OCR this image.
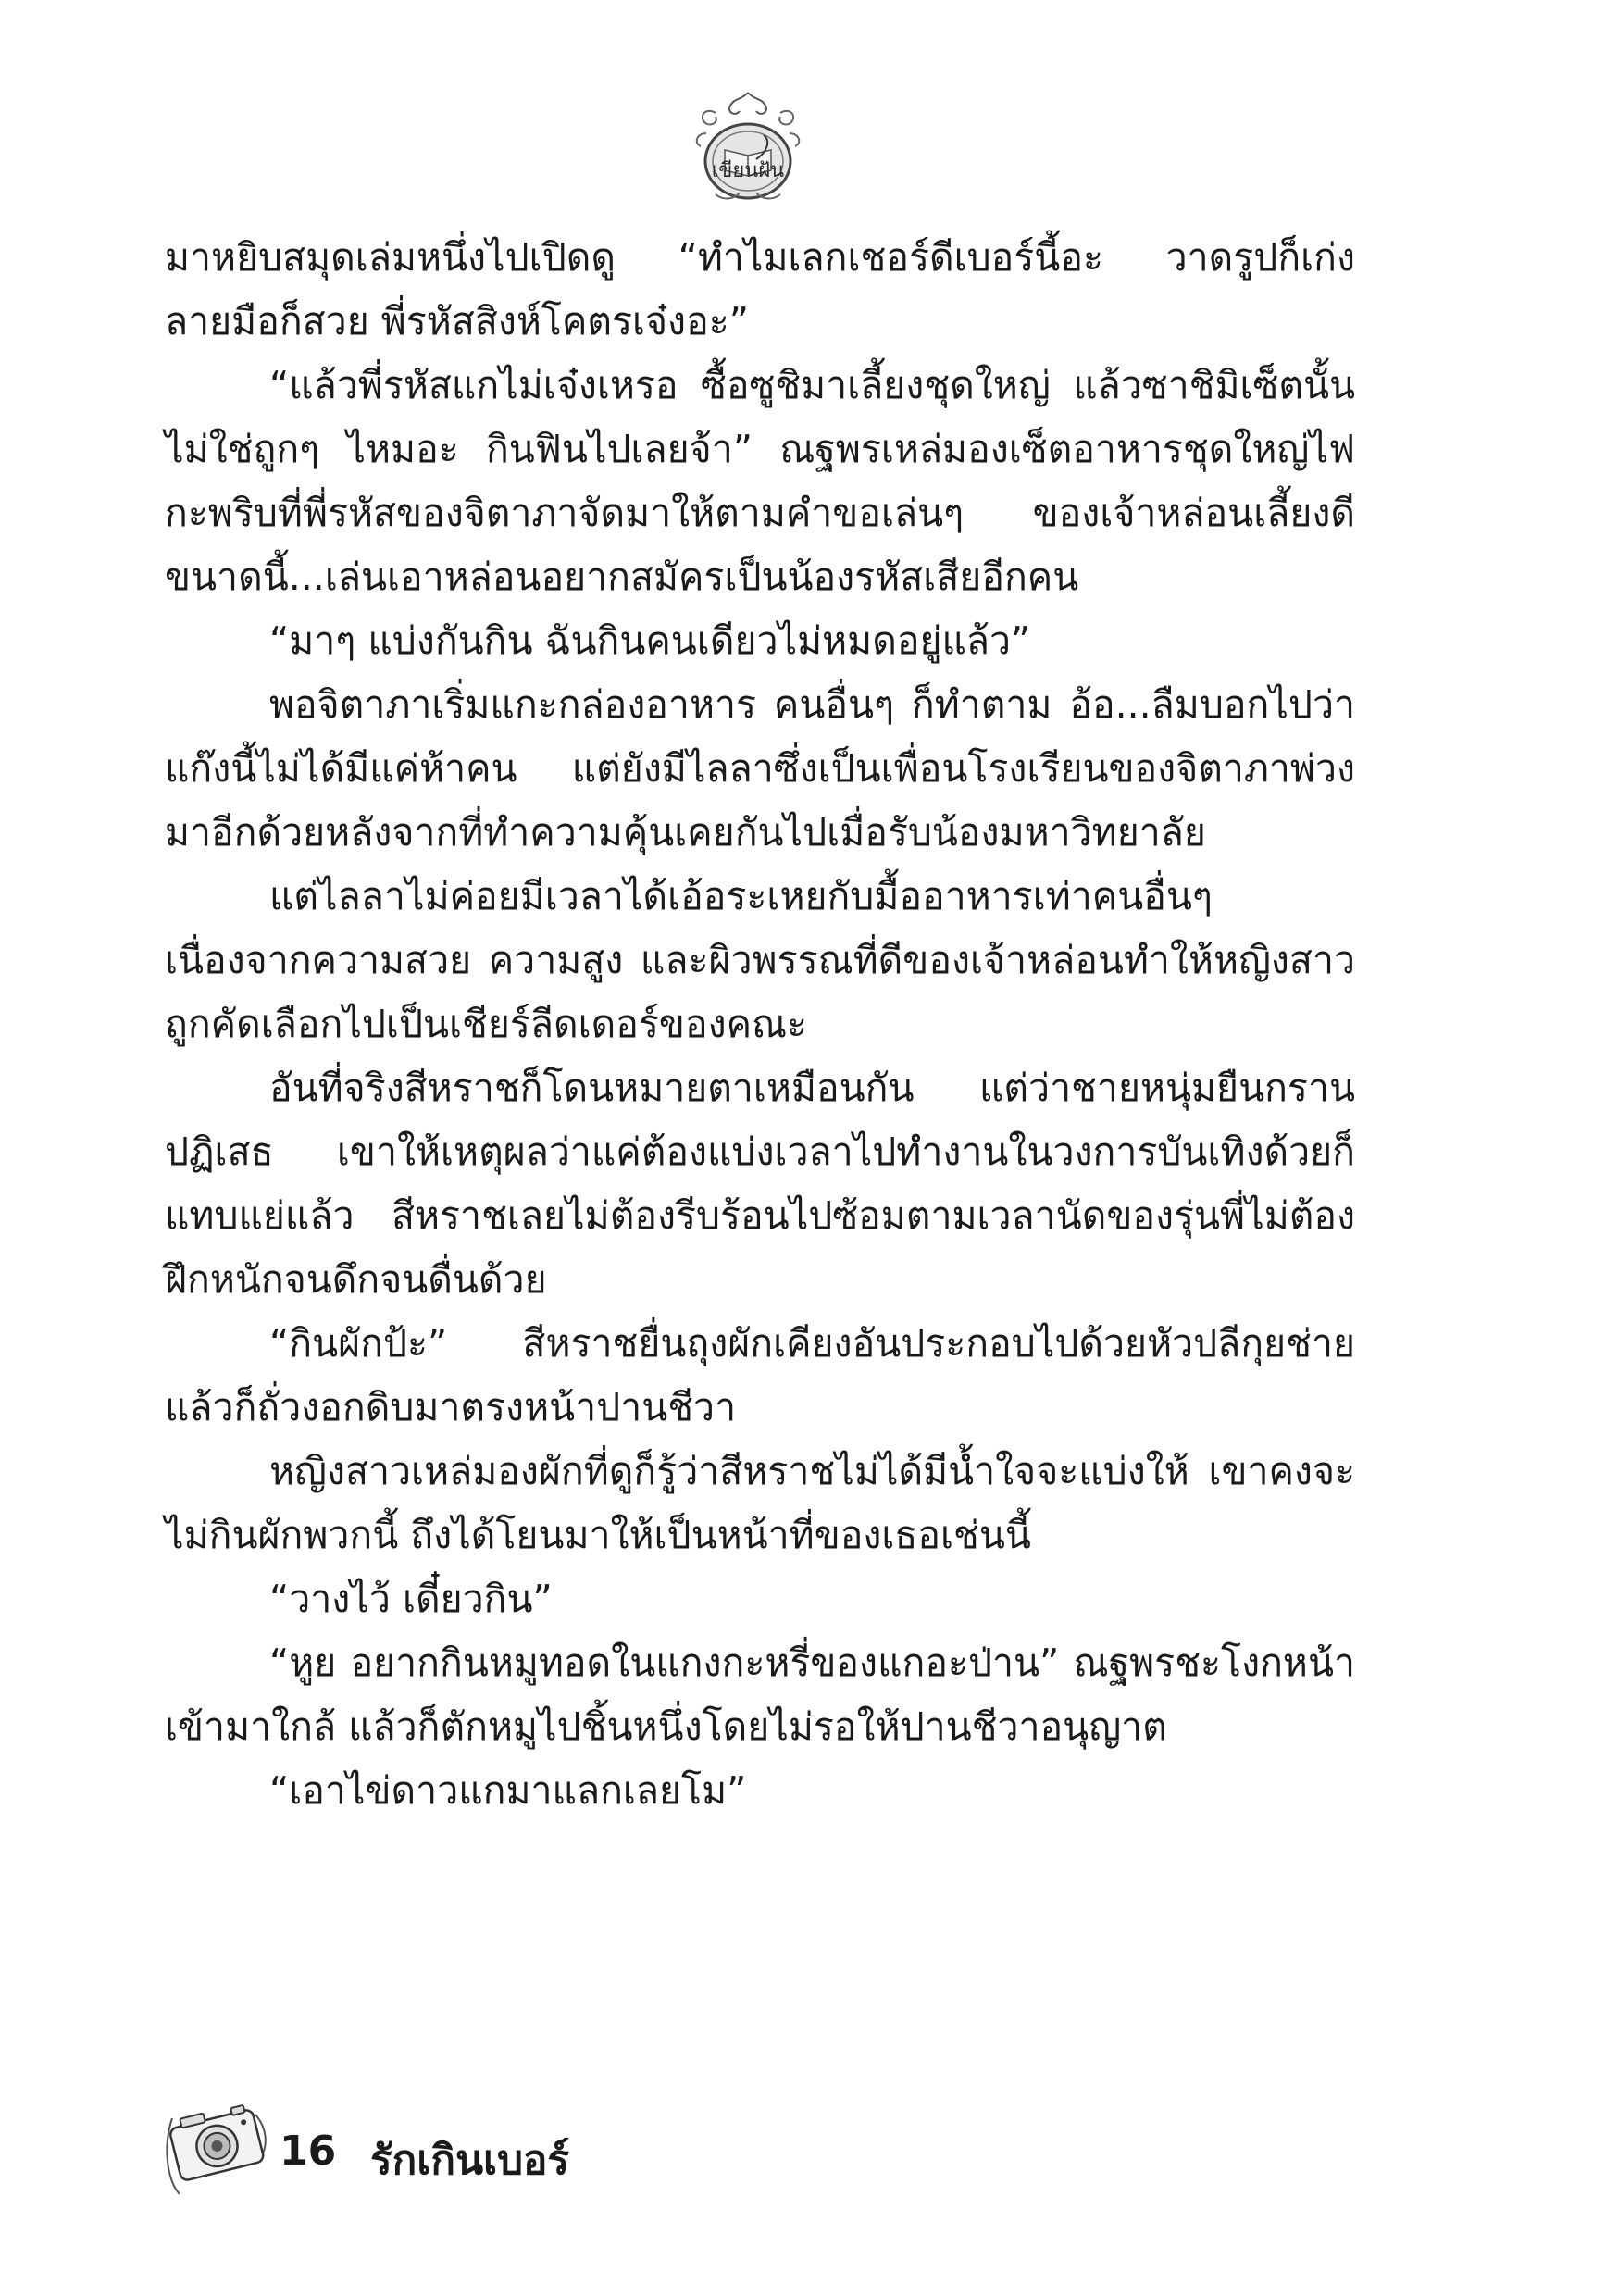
เขียนฝัน

มาหยิบสมุดเล่มหนึ่งไปเปิดดู “ทำไมเลกเชอร์ดีเบอร์นี้อะ วาดรูปก็เก่ง ลายมือก็สวย พี่รหัสสิงห์โคตรเจ๋งอะ”

“แล้วพี่รหัสแกไม่เจ๋งเหรอ ซื้อซูชิมาเลี้ยงชุดใหญ่ แล้วซาชิมิเซ็ตนั้นไม่ใช่ถูกๆ ไหมอะ กินฟินไปเลยจ้า” ณฐพรเหล่มองเซ็ตอาหารชุดใหญ่ไฟกะพริบที่พี่รหัสของจิตาภาจัดมาให้ตามคำขอเล่นๆ ของเจ้าหล่อนเลี้ยงดีขนาดนี้...เล่นเอาหล่อนอยากสมัครเป็นน้องรหัสเสียอีกคน

“มาๆ แบ่งกันกิน ฉันกินคนเดียวไม่หมดอยู่แล้ว”

พอจิตาภาเริ่มแกะกล่องอาหาร คนอื่นๆ ก็ทำตาม อ้อ...ลืมบอกไปว่าแก๊งนี้ไม่ได้มีแค่ห้าคน แต่ยังมีไลลาซึ่งเป็นเพื่อนโรงเรียนของจิตาภาพ่วงมาอีกด้วยหลังจากที่ทำความคุ้นเคยกันไปเมื่อรับน้องมหาวิทยาลัย

แต่ไลลาไม่ค่อยมีเวลาได้เอ้อระเหยกับมื้ออาหารเท่าคนอื่นๆ เนื่องจากความสวย ความสูง และผิวพรรณที่ดีของเจ้าหล่อนทำให้หญิงสาวถูกคัดเลือกไปเป็นเชียร์ลีดเดอร์ของคณะ

อันที่จริงสีหราชก็โดนหมายตาเหมือนกัน แต่ว่าชายหนุ่มยืนกรานปฏิเสธ เขาให้เหตุผลว่าแค่ต้องแบ่งเวลาไปทำงานในวงการบันเทิงด้วยก็แทบแย่แล้ว สีหราชเลยไม่ต้องรีบร้อนไปซ้อมตามเวลานัดของรุ่นพี่ไม่ต้องฝึกหนักจนดึกจนดื่นด้วย

“กินผักป้ะ” สีหราชยื่นถุงผักเคียงอันประกอบไปด้วยหัวปลีกุยช่าย แล้วก็ถั่วงอกดิบมาตรงหน้าปานชีวา

หญิงสาวเหล่มองผักที่ดูก็รู้ว่าสีหราชไม่ได้มีน้ำใจจะแบ่งให้ เขาคงจะไม่กินผักพวกนี้ ถึงได้โยนมาให้เป็นหน้าที่ของเธอเช่นนี้

“วางไว้ เดี๋ยวกิน”

“หูย อยากกินหมูทอดในแกงกะหรี่ของแกอะป่าน” ณฐพรชะโงกหน้าเข้ามาใกล้ แล้วก็ตักหมูไปชิ้นหนึ่งโดยไม่รอให้ปานชีวาอนุญาต

“เอาไข่ดาวแกมาแลกเลยโม”

16 รักเกินเบอร์
